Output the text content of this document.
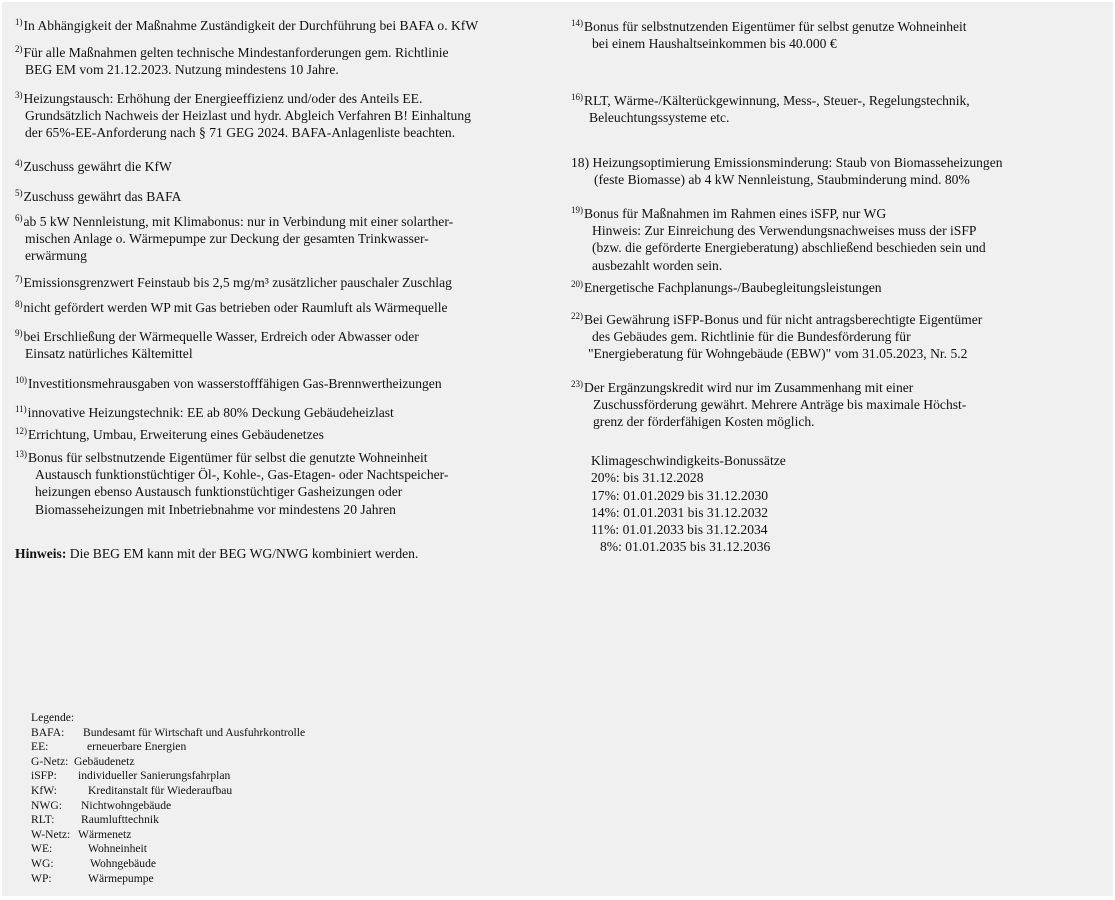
$^{1)}$In Abhängigkeit der Maßnahme Zuständigkeit der Durchführung bei BAFA o. KfW
$^{2)}$Für alle Maßnahmen gelten technische Mindestanforderungen gem. Richtlinie
BEG EM vom 21.12.2023. Nutzung mindestens 10 Jahre.
$^{3)}$Heizungstausch: Erhöhung der Energieeffizienz und/oder des Anteils EE.
Grundsätzlich Nachweis der Heizlast und hydr. Abgleich Verfahren B! Einhaltung
der 65%-EE-Anforderung nach § 71 GEG 2024. BAFA-Anlagenliste beachten.
$^{4)}$Zuschuss gewährt die KfW
$^{5)}$Zuschuss gewährt das BAFA
$^{6)}$ab 5 kW Nennleistung, mit Klimabonus: nur in Verbindung mit einer solarther-
mischen Anlage o. Wärmepumpe zur Deckung der gesamten Trinkwasser-
erwärmung
$^{7)}$Emissionsgrenzwert Feinstaub bis 2,5 mg/m³ zusätzlicher pauschaler Zuschlag
$^{8)}$nicht gefördert werden WP mit Gas betrieben oder Raumluft als Wärmequelle
$^{9)}$bei Erschließung der Wärmequelle Wasser, Erdreich oder Abwasser oder
Einsatz natürliches Kältemittel
$^{10)}$Investitionsmehrausgaben von wasserstofffähigen Gas-Brennwertheizungen
$^{11)}$innovative Heizungstechnik: EE ab 80% Deckung Gebäudeheizlast
$^{12)}$Errichtung, Umbau, Erweiterung eines Gebäudenetzes
$^{13)}$Bonus für selbstnutzende Eigentümer für selbst die genutzte Wohneinheit
Austausch funktionstüchtiger Öl-, Kohle-, Gas-Etagen- oder Nachtspeicher-
heizungen ebenso Austausch funktionstüchtiger Gasheizungen oder
Biomasseheizungen mit Inbetriebnahme vor mindestens 20 Jahren
Hinweis: Die BEG EM kann mit der BEG WG/NWG kombiniert werden.
$^{14)}$Bonus für selbstnutzenden Eigentümer für selbst genutze Wohneinheit
bei einem Haushaltseinkommen bis 40.000 €
$^{16)}$RLT, Wärme-/Kälterückgewinnung, Mess-, Steuer-, Regelungstechnik,
Beleuchtungssysteme etc.
18) Heizungsoptimierung Emissionsminderung: Staub von Biomasseheizungen
(feste Biomasse) ab 4 kW Nennleistung, Staubminderung mind. 80%
$^{19)}$Bonus für Maßnahmen im Rahmen eines iSFP, nur WG
Hinweis: Zur Einreichung des Verwendungsnachweises muss der iSFP
(bzw. die geförderte Energieberatung) abschließend beschieden sein und
ausbezahlt worden sein.
$^{20)}$Energetische Fachplanungs-/Baubegleitungsleistungen
$^{22)}$Bei Gewährung iSFP-Bonus und für nicht antragsberechtigte Eigentümer
des Gebäudes gem. Richtlinie für die Bundesförderung für
"Energieberatung für Wohngebäude (EBW)" vom 31.05.2023, Nr. 5.2
$^{23)}$Der Ergänzungskredit wird nur im Zusammenhang mit einer
Zuschussförderung gewährt. Mehrere Anträge bis maximale Höchst-
grenz der förderfähigen Kosten möglich.
Klimageschwindigkeits-Bonussätze
20%: bis 31.12.2028
17%: 01.01.2029 bis 31.12.2030
14%: 01.01.2031 bis 31.12.2032
11%: 01.01.2033 bis 31.12.2034
8%: 01.01.2035 bis 31.12.2036
Legende:
BAFA: Bundesamt für Wirtschaft und Ausfuhrkontrolle
EE:	erneuerbare Energien
G-Netz: Gebäudenetz
iSFP: individueller Sanierungsfahrplan
KfW:	Kreditanstalt für Wiederaufbau
NWG: Nichtwohngebäude
RLT: Raumlufttechnik
W-Netz: Wärmenetz
WE:	Wohneinheit
WG:	Wohngebäude
WP:	Wärmepumpe
